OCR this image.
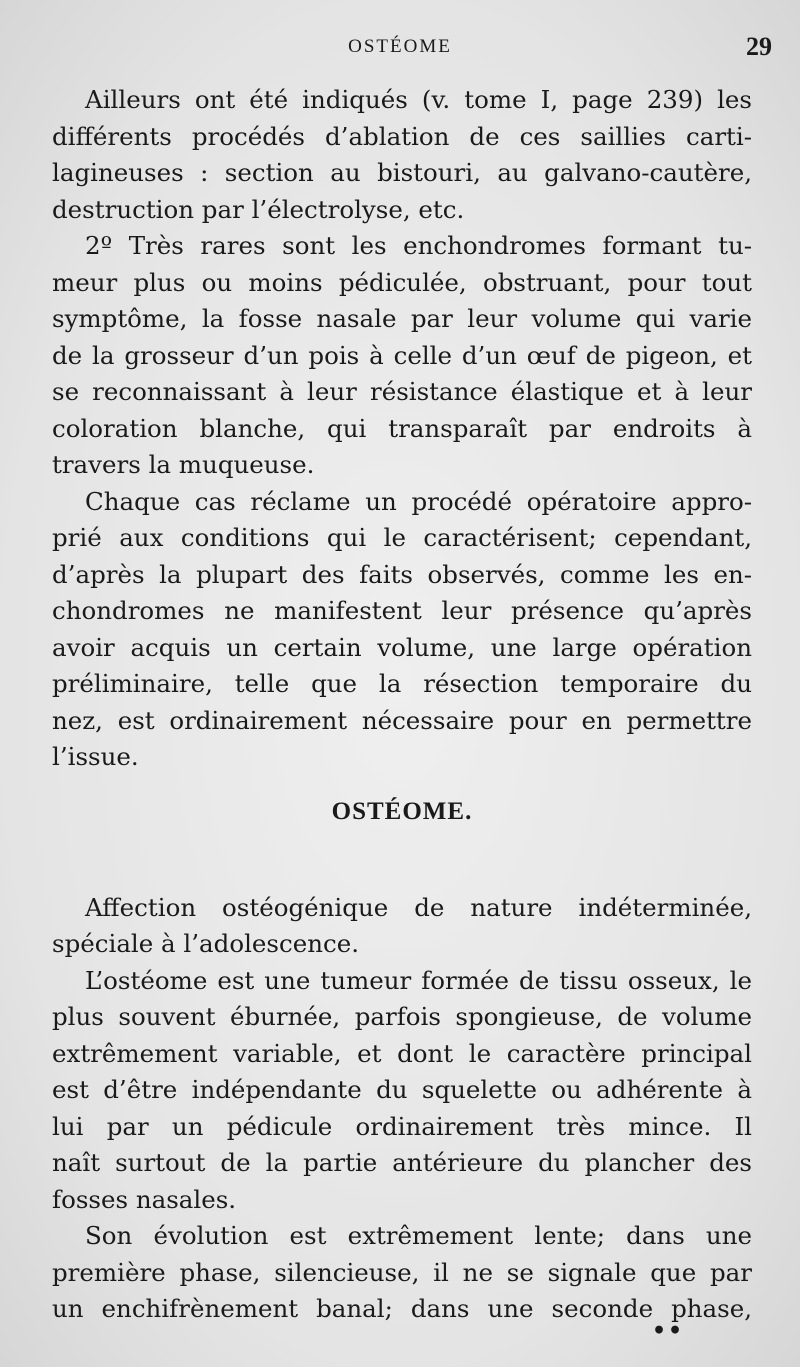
OSTÉOME	29
Ailleurs ont été indiqués (v. tome I, page 239) les
différents procédés d’ablation de ces saillies carti-
lagineuses : section au bistouri, au galvano-cautère,
destruction par l’électrolyse, etc.
2º Très rares sont les enchondromes formant tu-
meur plus ou moins pédiculée, obstruant, pour tout
symptôme, la fosse nasale par leur volume qui varie
de la grosseur d’un pois à celle d’un œuf de pigeon, et
se reconnaissant à leur résistance élastique et à leur
coloration blanche, qui transparaît par endroits à
travers la muqueuse.
Chaque cas réclame un procédé opératoire appro-
prié aux conditions qui le caractérisent; cependant,
d’après la plupart des faits observés, comme les en-
chondromes ne manifestent leur présence qu’après
avoir acquis un certain volume, une large opération
préliminaire, telle que la résection temporaire du
nez, est ordinairement nécessaire pour en permettre
l’issue.
OSTÉOME.
Affection ostéogénique de nature indéterminée,
spéciale à l’adolescence.
L’ostéome est une tumeur formée de tissu osseux, le
plus souvent éburnée, parfois spongieuse, de volume
extrêmement variable, et dont le caractère principal
est d’être indépendante du squelette ou adhérente à
lui par un pédicule ordinairement très mince. Il
naît surtout de la partie antérieure du plancher des
fosses nasales.
Son évolution est extrêmement lente; dans une
première phase, silencieuse, il ne se signale que par
un enchifrènement banal; dans une seconde phase,
••
